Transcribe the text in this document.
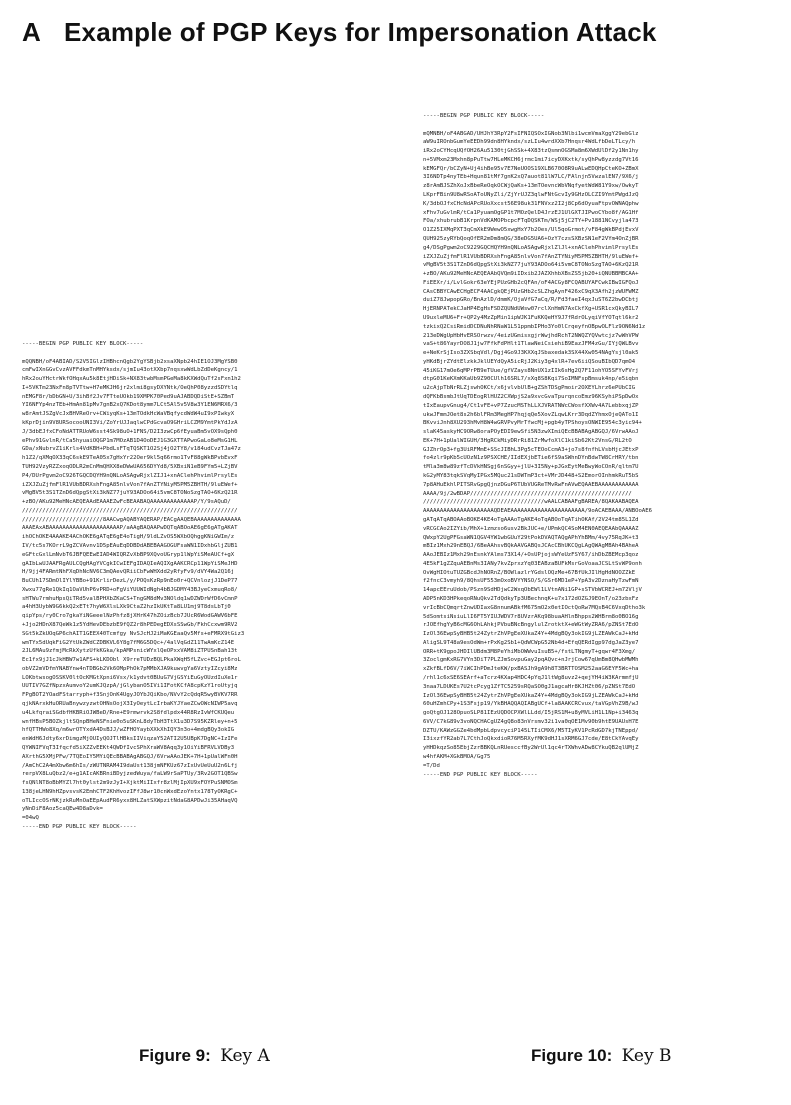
A Example of PGP Keys for Impersonation Attack
-----BEGIN PGP PUBLIC KEY BLOCK-----

mQQNBH/oF4ABIAD/S2V5IGlzIHBhcnQgb2YgYSBjb2xsaXNpb24hIE1OJ3MgYSB0
cmFwIXnGGvCvzAVFFdkmTnMHYksdx/sjmIu43otXXbp7nqsxwWdLbZdDeKgncy/1
hRx2ouYHctrWkfOHqxAu5k8EtjHDiSk+NX83twbMsmPGeMa8kKXWdQuTf2sFxn1h2
I+5VKTm23NxFn8pTVTtw+H7eMKJH6jr2xlmi8gsyDXYNtk/OeQhP08yzzdSDYtlq
nEMGF8r/bDbGN+U/3ihBf2Jv7FTteUOkb19XMPK70Ped9uAJABDQDiStE+SZBmT
YI6NFYp4nzTEb+HmAn81pMv7gnB2xQ7KDot8ymm7LCt5Al5v5V8w3Y1EN6MRX6/3
w8rAmtJSZgVcJxBHVReOrv+CWiyqKs+13mTOdkHcWaVBqfycdWdW4uI9xPIwkyX
kKprDjin9V8URSocooUNI3Vi/ZoYrUJJaqlwCPdGcvaO9GHriLCZM9YmtPkYdJzA
J/3dbEJfxCFoNdATTRUoW6sst4Sk98uO+1FNS/D2I3zwCp6fEyuaBm5vOX9sQph0
ePhv91GvlnR/tCa5hyuaiOQGP1m7MOzAB1D4OoDEJ1G3GXTTAPwoGaLo8eMsG1HL
GDa/xNubrvZ1iKrls4VdKBH+PbdLsFTqTQSKT1O2Sj4jO2TY8/v184udCvzTJa47z
h1Z2/qXMqOX33qC6skE9TeA05x7gHxYr22Oer9kl5q66rmo1TvF88gWkBPvbEvxF
TUH92VzyRZZxoqODLR2mCnMmQHXX8eDWwUA656DYYd8/5XBxiN1eB9FYm5+LZjBV
P4/DUrPgvm2oC926TGQCDQYH9nQNLoASAgwRjxlZIJ1+xnAClehPhvimlPrsylEs
iZXJZuZjfmFlR1VUbBDRXshFngA85nlvVon7fAnZTYNiyM5PM5ZBHTH/9luEWef+
vMgBV5t3S1TZnD6dQpgStXi3kNZ77juY93ADOo64i5vmC8TONoSzgTAO+6KzQ21R
+zBO/AKu92MeHNcAEQEAAdEAAAEZwFcBEAABAQAAAAAAAAAAAAAP/Y/9sAQuD/
////////////////////////////////////////////////////////////////
////////////////////////8AACwgAQABYAQERAP/EACgAAQEBAAAAAAAAAAAAAA
AAAEAxABAAAAAAAAAAAAAAAAAAAAAP/aAAgBAQAAPwDQTqABOoAE6gE6gATgAKAT
ihOChOKE4AAAKE4AChOKE6gATqE6gE4oTigH/9ldLZvOS5WXbOQhggKNiGWIm/z
IV/tc5s7KOrrL9gZCVAvnv1D5pEAuEqDDBDdABEBAAGOGUFsaWN1IDxhbGljZUB1
eGFtcGxlLmNvbT6JBFQEEwEIAD4WIQRZvXbBP9XQvoUGryp1lWpYiSMeAUCf+gX
gAIbLwUJAAFRgAULCQgHAgYVCgkICwIEFgIDAQIeAQIXgAAKCRCp11WpYiSMeJHD
H/9jj4FARmtNhFXqDhNcNV6C3mQAevQRiiCbFwWHXdd2yRfyFv9/dVY4Wa2Q16j
BuCUh17SDmOlIYlYBBo+91KrlirDezL/y/POQsKzRp9nEo0r+QCVnlozjJ1DeP77
Xwxu77gRe1QkIq1OaVUhP6vPRD+oFgViYUUWIdNgh4bBJGDMY43BJyeCxmuqRo8/
sHTWu7rmhuHpsQiTRd5valBPHXbZKaCS+TngGM8dMv3NOldq1wDZWDrWfD6vCmnP
a4hH3UybW9G6kkQ2xETt7hyW6XlsLXk9CtaZ2hzIkUKtTa8LU1mj9T8dsLbTj0
qipYps/ry0Cro7gkaYiNGeeelNzPhfz8jXHrK47hZOizBcb7JUcR6WodGAWV6bFE
+Jjo2HDnX87QeWk1z5YdHevDEbzbE9fQZ2r8hPEDegEDXsSSwGb/FkhCcxwm9RV2
SGt5kZkUOqGP6chAIT1GEEX40Tcmfgy NvSJcHJ2iMaKGEaaQv5Mfs+eFMRX9tGiz3
wmTYx5dUqkFiG2YtUkZWdCZDBKVL6Y8g7fM6G5DQc+/4alVqGdZ11TwAmKcZ14E
2JL6MAu9zfmjMcRkXytzUfkKGka/kpAMPsnicWYxlQeOPxxVAM8iZTPUSnBah13t
Ec1fx9jJ1cJkHBW7w1AFS+kLKDObl X9rreTUDzBQLPkaXWqH5fLZvc+EGJpt6roL
obVZ2mVDfmYNABYnw4nTDBGb2Vk6OMpPhOk7pMMbXJA9kuwvgYa6VztyIZcyi8Mz
LOKbtwsogOSSKV0ltOcKMGtXpni6Vsx/k1ydvt0BUuG7VjGSYiEuGyOUzdIuXe1r
UUTIV7GZfNpzxAumvoY2umKJQzpA/jGlybanO5IVi1IFotKCfA8cpKzY1roUtyjq
FPgBOT2YOadFStarryph+f3SnjOnK4UgyJOYbJQiKbo/NVvY2cQdqR5wyBVKV7RR
qjkNArxkHuORUaBnywzyzwtOHNsOojX3IyOeytLcIrbaKYJYaeZCwOWcNIWP5avq
u4LkfqraiSGdbfHKBRiOJWBeD/Rne+E9rmwrvk2S8fdlpdx44R8RzIvWfCKUQeu
wnfHBsP5BOZkjltSQnpBHeNSFnie0o5uSKnL8dyTbH3TtX1u3D7S95KZRley+n+5
hfQTTHWo8Xq/m6wrOTYxdA4DsBJJ/wZFHOYaybXXkXhIQY3n3o+4mdgBQy3okIG
enWdH6Jdty6xrDimgzMjOUIyQOJTlHBksIIViqzaY52ATI2U5UBpK7DgNC+IzIFe
QYWNIFVqT3Ifqcfd5iXZZvEEKt4QWDfIvcSPhXraWV8Aqq3y1OiYiBFRVLVDBy3
AXrthG5XMjPFw/7TQEoIY5MYiQEcBBABAgABGQJ/6VrwAAoJEK+7H+1pUalWFn0H
/AmChC2A4mXbw6m6hIs/zWUTNRAM4I9daUst138jmNFKUz67zIxUvUeUuU2n6Lfj
rerpVX8LuQbz2/e+g1AIcAKBRniBDyjzedWuya/faLW9rSaPTUy/3Rv2GOT1QBSw
fsQNlNT8oBbMYZl7ht0ylst2m9zJyI+XjktMiIIxfr8zlMjIpXU9xFOYPuSNMOSm
138jeLHN9hHZpvsvsK2EmhCTF2KhHvozIFfJ8wr10cnWxdEzoYntx178TyOKRgC+
oTLIccOSrNKjzkRuMnOaEEpAudFR6yxx8HLZatSXWpzitNdaG8APDwJi35AHaqVQ
yNnDiF8Aoz5caQEw4D8aDvk=
=04wQ
-----END PGP PUBLIC KEY BLOCK-----
-----BEGIN PGP PUBLIC KEY BLOCK-----

mQMNBH/oF4ABGAD/UHJhY3RpY2FsIFNIQSOxIGNob3Nlbi1wcmVmaXggY29ebGlz
aW9uIROnbGumYeEEDh99dn8HYkndx/szLIu4wrdXXb7Hnqsr4WdLfbDeLTLcy/h
iRx2oCYHcqUQfOH26Au5130tjGhSSk+4X83tzQsmnOGSMa8m6XWdUlDf2y1Nn1hy
n+5VMxm23Mxhn8pPuTtw7HLeMKCH6jrmc1mi7icyDXKxtk/syQhPw8yzzdg7Vt16
kEMGFQr/bCZyN+Uj4ihBe95v7E7NeUOOS19XLB670O8R9uALwEDQHpCteKO+ZBmX
3I6NDTp4nyTEb+Hqun81tMf7gnK2xQ7auot81lW7LC/FAlnjn5VwzalEN7/9X6/j
z8rAmBJSZhXoJxBbeReOqkOCWjQaKs+13mTOevncWbVNqfyetWdW81Y9xw/OwkyT
LKprFBin9U8wRSoAToUNyZli/ZjYrUJZ3qlwFNtGcvIy9GHzOLCZI9YmtPWgdJzQ
K/3dbOJfxCHcNdAPcRUoXxcst56E98uk31FNVxz2I2j8Cp6dOyuaFtpvOWNAQphw
xFhv7uGvlmR/tCa1PyuamOgGP1t7MOzQelD4JrzEJ1UlGXTJIPwoCYbo8f/AG1Hf
FOa/xhubrubB1KrpnVdKAMOPbcpcFTqDQSKTm/WSj5jC2TY+Pv1881NCvyjla473
O1Z25IXMqPXT3qCmXkE9WewO5xwgHxY7b2Oes/Ul5qoGrmot/vF84gWkBPdjEvxV
QUH925zyRYbQoqOfER2mDm8mQG/38eDG5UA6+OzY7czsSXBzSN1eF2VYm4OnZjBR
g4/DSgPgwm2oC9229GQCHQYH9nQNLoASAgwRjxlZlJl+xnAClehPhvimlPrsylEs
iZXJZuZjfmFlR1VUbBDRXshFngA85nlvVon7fAnZTYNiyM5PM5ZBHTH/9luEWef+
vMgBV5t3S1TZnD6dQpgStXi3kNZ77juY93ADOo64i5vmC8TONoSzgTAO+6KzQ21R
+zBO/AKu92MeHNcAEQEAAbQVQm9iIDxib2JAZXhhbXBsZS5jb20+iQNUBBMBCAA+
FiEEXr/i/LvlGokr63eYEjPUzGHb2cQFAn/oF4ACGy8FCQABUYAFCwkIBwIGFQoJ
CAsCBBYCAwECHgECF4AACgkQEjPUzGHb2cSLZhgAynF426xC9qX3Afh2jzWUFWMZ
duiZ78JwpopGRo/BnAzlD/dmmK/OjaVfG7aCq/R/Fd3faeI4qxJuST6Z2bwDCbtj
HjERNPATekCJaHP4EgHsFSDZQUNdUWsw07rclXnHmN7AxCkfXg+USR1cxQkyBIL7
U9uxleMU6+Fr+QP2y4MzZpMin1ipWJK1FuKKQeHY9J7fRdrOLyqiVfYOTqtl6kr2
tzkixQ2CsiRmidDCDNuNhRNaW1L51ppmbIPHo3Yo0lCrqeyfnOBpwOLFlz9ON6Nd1z
213eDWgUpHbHvERSOrwzv/4eizUGmisxgjrWwjhdRchT2NWQZYQVwtcjz7wWhVPW
vaS+t86YayrDO8J1jw7FfkFdPHlt1TlawNeiCsiehiB9EazJFM4zGu/IYjQWLBvv
e+NeKrSjIso3ZXSbqVdl/Dgj4Go9J3KXXqJSbaxedak3SX44Xw054NAgYsjl0ak5
yHKdBjrZYdtElzkkJklUEYdQyA5icRjJ2Kiy3g4xlR+7ev6iiQSouBIbQD7qmO4
45iKG17mOe6qMPrPB9eTUue/gfVZays8NnUX1zIIk6sHg2Q7F11ohYO5SFYvFVrj
dtpG01KeKXmKKaUb9Z90CUlh16SRL7/xXq8S8Kqi7SoIMNFspBmsuk4np/e5iqbn
u2cAjpTbNrRLZjswhOKCt/x6jvlvbUlB+gZShTDSgPmoir2OXEYLhrz6ePUbCIG
dQFKbBsmbJtUqTDEogRlHUZ2CXWpjS2a9xvcGvaTpurqncoEmz96KSyhiPSpDwOx
tIxEaupvGnug4/Ct1vFE+vP7ZzucMSThLLXJVRATNWcCWosfXXWv4A7LebbxqjZP
ukwJFmmJOet8s2h6blFRm3MegHP7hqjqQe5XovZLqwLKrr3DqdZYhmxOjeQATo1I
BKvviJnh8XU293hMvH8W4wGRVPvyMrTfwcMj+pgb4yTPShoysONWIE954c3yic94+
slaK45askyHC9ORw8oraPOyEDI9ewSfi5N3zwXImiQEcBBABAgABGQJ/6VrwAAoJ
EK+7H+1pUalWIGUH/3HgRCkMiyDRrRi81ZrMwfoXlC1kiSb62Kt2VnsG/RL2tO
GJZhrOp3+fg3UiRFMmE+SScJIBhL3Pg5cTEOoCcmA3+jo7s8fnfhLVsbHjcJEtxP
fo4zlr9pKb5cUOzN1z9PSXCHE/IIdEXjbETie6fS9aSWhnDYnBdwTW8CrHRY/tbn
tMla3m8w89zfTcDVkHNSgj6nSGyy+jlU+3I5Ny+pJGxEytMeBwyWoCOnR/qltm7U
kG2yMY83tqkSVqMyIPGx5MQuc21sDWTmP3ct+VMrJD448+S2EmorOInhmkRuT5bS
7p8AHuEkhlPITSRvGpgQjnzDGuP6TUbVUGReTMvRwFnAVwEQAAEBAAAAAAAAAAAA
AAAA/9j/2wBDAP////////////////////////////////////////////////
////////////////////////////////////wAALCABAAFgBAREA/8QAKAABAQEA
AAAAAAAAAAAAAAAAAAAAAQDEAEAAAAAAAAAAAAAAAAAAAAAA/9oACAEBAAA/ANBOoAE6
gATqATqABOAAoBOKE4KE4oTgAAAoTgAKE4oTqABOoTqATihOKAf/2V24tm85L1Zd
vRCGCAo2IZYib/MhX+1zmzso6usv2BkJUC+e/UPmkQC4SoM4EN0AEQEAAbQAAAAZ
QWxpY2UgPFGsaWN1QGV4YW1wbGUuY29tPokDVAQTAQgAPhYhBMm/4vy75RqJK+t3
mBIz1Mxh29nEBQJ/6BeAAhsvBQkAAVGABQsJCAcCBhUKCQgLAgQWAgMBAh4BAheA
AAoJEBIz1Mxh29nEsnkYAlms73X14/+OsUPjojsWYeUzFSY67/ihDbZBEMcp3qoz
4E5kF1gZZquAEBnMs3IANy7kvZprxzYq03EABzaBUFkMsrGoVoaaJCSLtSvWP9onh
OvWgHIOtuTUZGBcdJhNORnZ/BOWlazlrYGdslOQzMe+67BfUkJIlHgHdNOOZZkE
f2fncC3vmyh9/8QhsUF553mOxoBVYYNSO/S/GSr6MD1eP+YpA3v2DznaHyTzwFmN
14apcEEruUdob/PSzn9SdHDjwC2WxqObEWl1LVtnANi1GP+sSTVbWCREJ+m72VljV
ADP5nKD3HPkeqoRNuQkv2TdQdkyTp3UBechnqK+u7x172dOZGJ9EOnT/o23zbxFz
vrIcBbCQmqrtZnwUDIaxG8nnumABkfM675mO2x0etIOctQoRw7MQsB4C6VxqDtho3k
5dSomtsiNsiuLlI6FT5YIUJWDV7r8UVzrAKq98buaAHlnBhpps2WHBrm8o0BO16g
rJOEfhgYyB6cMG6OhLAhkjPVbuBNcBngylulZrotktX+eWGtWyZRA6/pZNSt7EdO
IzOl36EwpSyBHB5t24ZytrZhVPgEeXUkaZ4Y+4MdgBQy3okIG9jLZEAWkCaJ+kHd
AligSL9T48a9esOdWm+rPxKg2Sb1+QdWCWpG52Nb4d+EfqQERdIgp97dgJaZ3ye7
ORR+tK9gpoJHDIlUBdm3M8PeYhiMbOWWvuIsuB5+/fstLTNgmyT+gqwr4F3Xmg/
3ZoclgmKxRG7VYn3DiT7PLZJmSovpuGay2pqAQvc+nJrjCow67qUmBm8QHwbMWMh
xZkfBLfD6V/7iWCIhPDmJteKW/pxBASJh9gA9h8T3BRTTOSM252aaG6EYF5Wc+ha
/rhl1c6xSE6SEArf+aTcrz4KXap4HDC4pYqJ1ltWg8uvz2+qejYH4iW3KArmmfjU
3naa7LDUKEs7U2tcPcyg1ZfTC5259sRQaSO0gJ1agcaHr8KJHZt06/pZNSt7EdO
IzOl36EwpSyBHB5t24ZytrZhVPgEeXUkaZ4Y+4MdgBQy3okIG9jLZEAWkCaJ+kHd
60uHZmhCPy+1S3Fsjp19/YkBHAQQAQIABgUCf+la8AAKCRCvux/taVGpVhZ9B/wJ
goQtgOJ128OpuoSLP81IEzUQDOCPXWlLLdd/I5jRS1M+u8yMVLiH1L1Np+i3463q
6VV/C7kG89v3voNQCHACgUZ4gQ8o83nVrsmv32i1va0qOE1Mv90b9htE9UAUsH7E
DZTU/KAWzGGZe4bdMpbLdpvcyciP145LTIiCMX6/M5TIyKV1PcRdGD7kjTNEppd/
I3ixzfYR2ab7L7CthJoQkxdioR76M5RXyfMK9dHJ1sXRM6GJ7cde/E8tCkYAvqEy
yHHDkqzSo85EbjZzrBBKQLnRUesccfBy2WrUl1qc4rTXWhvADw8CYkuQB2qlUMjZ
w4hfAKM+XGkBMOA/Gg75
=T/Dd
-----END PGP PUBLIC KEY BLOCK-----

Figure 9: Key A	Figure 10: Key B
